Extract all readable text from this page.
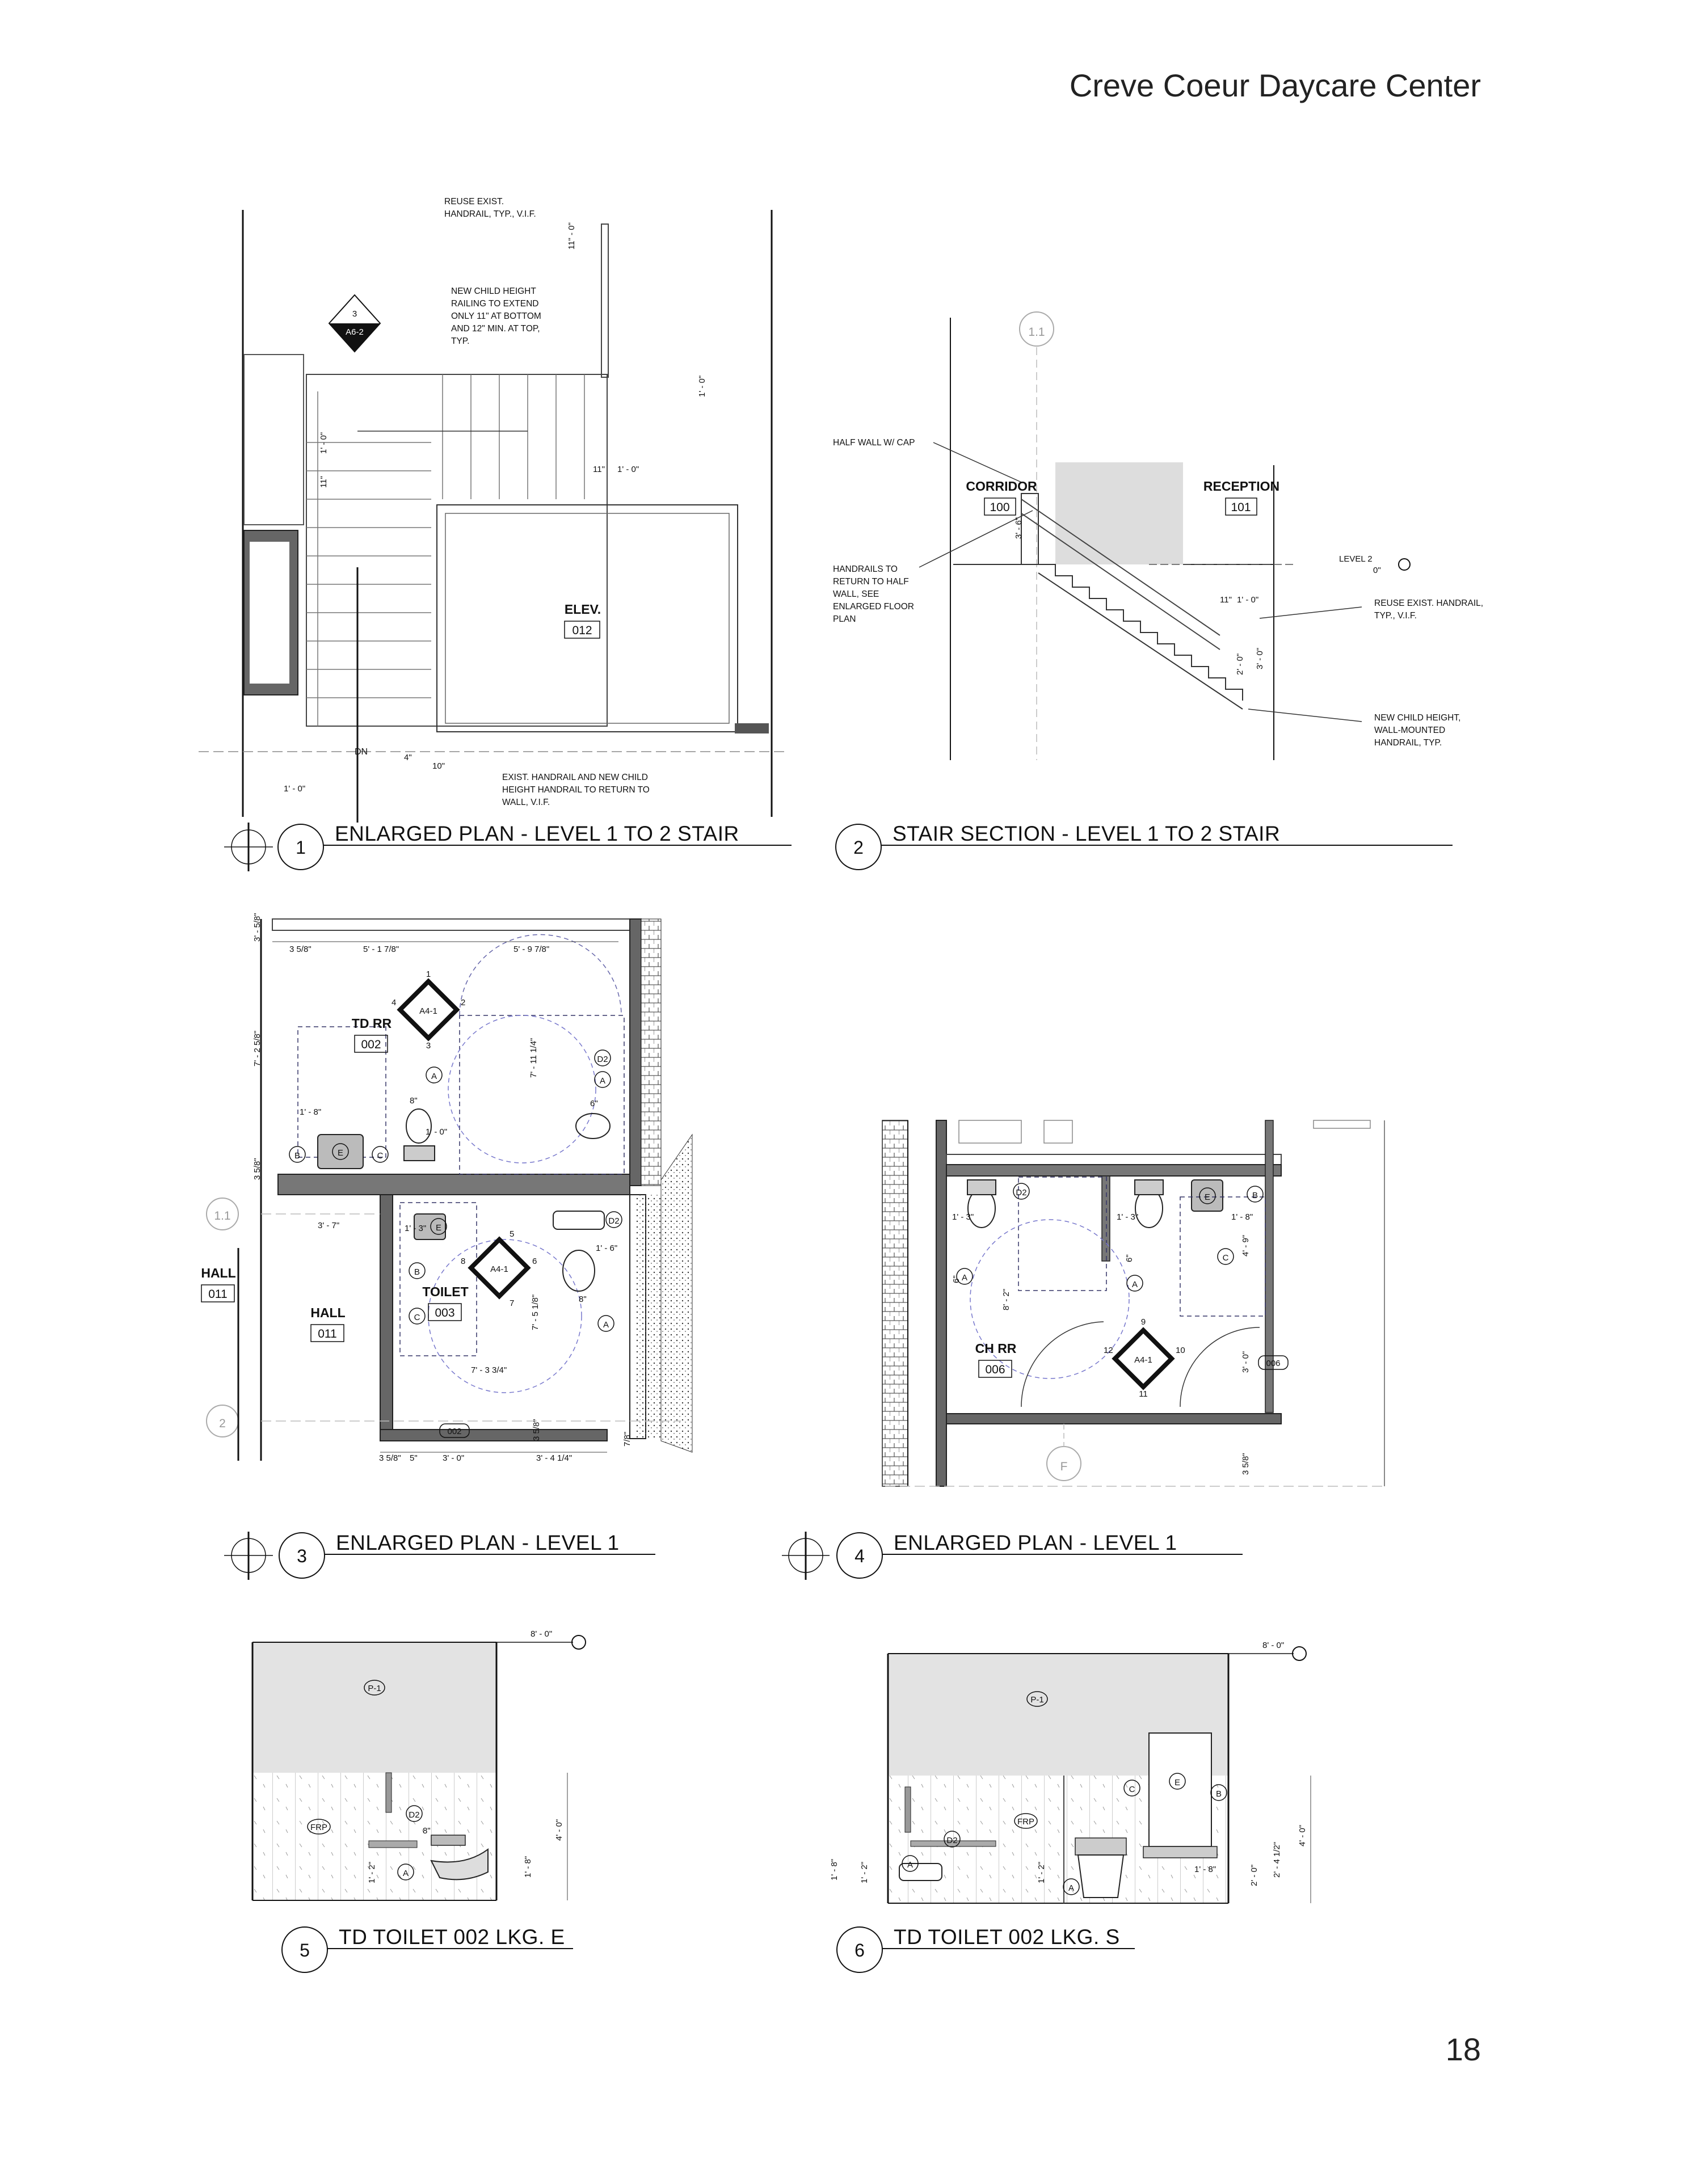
Creve Coeur Daycare Center
18
REUSE EXIST.
HANDRAIL, TYP., V.I.F.
NEW CHILD HEIGHT
RAILING TO EXTEND
ONLY 11" AT BOTTOM
AND 12" MIN. AT TOP,
TYP.
EXIST. HANDRAIL AND NEW CHILD
HEIGHT HANDRAIL TO RETURN TO
WALL, V.I.F.
3
A6-2
ELEV.
012
DN
11" - 0"
1' - 0"
11"
1' - 0"
11" 1' - 0"
1' - 0"
4"
10"
1.1
LEVEL 2
0"
HALF WALL W/ CAP
HANDRAILS TO
RETURN TO HALF
WALL, SEE
ENLARGED FLOOR
PLAN
REUSE EXIST. HANDRAIL,
TYP., V.I.F.
NEW CHILD HEIGHT,
WALL-MOUNTED
HANDRAIL, TYP.
CORRIDOR
100
RECEPTION
101
3' - 6"
11" 1' - 0"
2' - 0" 3' - 0"
1.1
2
A4-1
1
2
3
4
A4-1
5
6
7
8
TD RR
002
TOILET
003
HALL
011
HALL
011
002
A	A
D2
D2
E
E
B
B
C
C
A
3 5/8"	5' - 1 7/8"	5' - 9 7/8"
3' - 5/8"
7' - 2 5/8"
3 5/8"
7' - 11 1/4"
1' - 8"
1' - 0"
3' - 7"	1' - 3"
1' - 6"
7' - 5 1/8"
7' - 3 3/4"
3 5/8"
3 5/8" 5"	3' - 0"	3' - 4 1/4"
7/8"
8"	6"
8"
A4-1
9
10
11
12
CH RR
006	006
F
D2	E	B
C
A
A
1' - 3"	1' - 3"	1' - 8"
8' - 2"
4' - 9"
3' - 0"
3 5/8"
6"
6"
8' - 0"
P-1
FRP
D2
A
4' - 0"
1' - 8"
1' - 2"
8"
8' - 0"
P-1
FRP
D2
A
A
C
E
B
1' - 8" 1' - 2"	1' - 2"	1' - 8"	2' - 0" 2' - 4 1/2"
4' - 0"
1
ENLARGED PLAN - LEVEL 1 TO 2 STAIR
2
STAIR SECTION - LEVEL 1 TO 2 STAIR
3
ENLARGED PLAN - LEVEL 1
4
ENLARGED PLAN - LEVEL 1
5
TD TOILET 002 LKG. E
6
TD TOILET 002 LKG. S
